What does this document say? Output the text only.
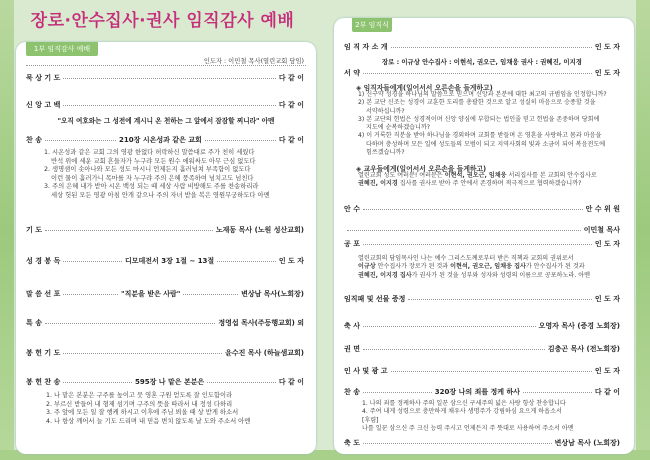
장로·안수집사·권사 임직감사 예배
1부 임직감사 예배
인도자 : 이민철 목사(열린교회 담임)
묵 상 기 도	다 같 이
신 앙 고 백	다 같 이
"오직 여호와는 그 성전에 계시니 온 천하는 그 앞에서 잠잠할 찌니라" 아멘
찬 송	210장 시온성과 같은 교회	다 같 이
1. 시온성과 같은 교회 그의 영광 한없다 허락하신 말씀대로 주가 친히 세웠다
반석 위에 세운 교회 흔들자가 누구랴 모든 원수 에워싸도 아무 근심 없도다
2. 생명샘이 솟아나와 모든 성도 마시니 언제든지 흘러넘쳐 부족함이 없도다
이런 물이 흘러가니 목마를 자 누구랴 주의 은혜 풍족하여 넘치고도 넘친다
3. 주의 은혜 내가 받아 시온 백성 되는 때 세상 사람 비방해도 주를 찬송하리라
세상 헛된 모든 영광 아침 안개 같으나 주의 자녀 받을 복은 영원무궁하도다 아멘
기 도	노재동 목사 (노원 성산교회)
성 경 봉 독	디모데전서 3장 1절 ~ 13절	인 도 자
말 씀 선 포	"직분을 받은 사람"	변상남 목사(노회장)
특 송	정영섭 목사(주등행교회) 외
봉 헌 기 도	윤수진 목사 (하늘샘교회)
봉 헌 찬 송	595장 나 맡은 본분은	다 같 이
1. 나 맡은 본분은 구주를 높이고 뭇 영혼 구원 얻도록 잘 인도함이라
2. 부르신 받들어 내 형제 섬기며 구주의 뜻을 따라서 내 정성 다하리
3. 주 앞에 모든 일 잘 행케 하시고 이후에 주님 뵈올 때 상 받게 하소서
4. 나 항상 깨어서 늘 기도 드리며 내 믿음 변치 않도록 날 도와 주소서 아멘
2부 임직식
임 직 자 소 개	인 도 자
장로 : 이규상 안수집사 : 이현석, 권오근, 임채웅 권사 : 권혜진, 이지경
서 약	인 도 자
◈ 임직자들에게(일어서서 오른손을 들게하고)
1) 신구약 성경을 하나님의 말씀으로 믿으며 신앙과 본분에 대한 최고의 규범임을 인정합니까?
2) 본 교단 신조는 성경이 교훈한 도리를 총괄한 것으로 알고 성실히 마음으로 승종할 것을
서약하십니까?
3) 본 교단의 헌법은 성경적이며 신앙 양심에 부합되는 법인줄 믿고 헌법을 존중하며 당회에
지도에 순복하겠습니까?
4) 이 거룩한 직분을 받아 하나님을 경외하며 교회를 받들며 온 영혼을 사랑하고 몸과 마음을
다하며 충성하며 모든 일에 성도들의 모범이 되고 지역사회의 빛과 소금이 되어 복음전도에
힘쓰겠습니까?
◈ 교우들에게(일어서서 오른손을 들게하고)
열린교회 성도 여러분! 여러분은 이현석, 권오근, 임채웅 서리집사를 본 교회의 안수집사로
권혜진, 이지경 집사를 권사로 받아 주 안에서 존경하며 적극적으로 협력하겠습니까?
안 수	안 수 위 원
이민철 목사
공 포	인 도 자
열린교회의 담임목사인 나는 예수 그리스도께로부터 받은 직책과 교회의 권위로서
이규상 안수집사가 장로가 된 것과 이현석, 권오근, 임채웅 집사가 안수집사가 된 것과
권혜진, 이지경 집사가 권사가 된 것을 성부와 성자와 성령의 이름으로 공포하노라. 아멘
임직패 및 선물 증정	인 도 자
축 사	오영자 목사 (증경 노회장)
권 면	김충곤 목사 (전노회장)
인 사 및 광 고	인 도 자
찬 송	320장 나의 죄를 정케 하사	다 같 이
1. 나의 죄를 정케하사 주의 일꾼 삼으신 구세주의 넓은 사랑 항상 찬송합니다
4. 주여 내게 성령으로 충만하게 채우사 생명주가 강림하심 요으게 하옵소서
[후렴]
나를 일꾼 삼으신 주 크신 능력 주시고 언제든지 주 뜻대로 사용하여 주소서 아멘
축 도	변상남 목사 (노회장)
